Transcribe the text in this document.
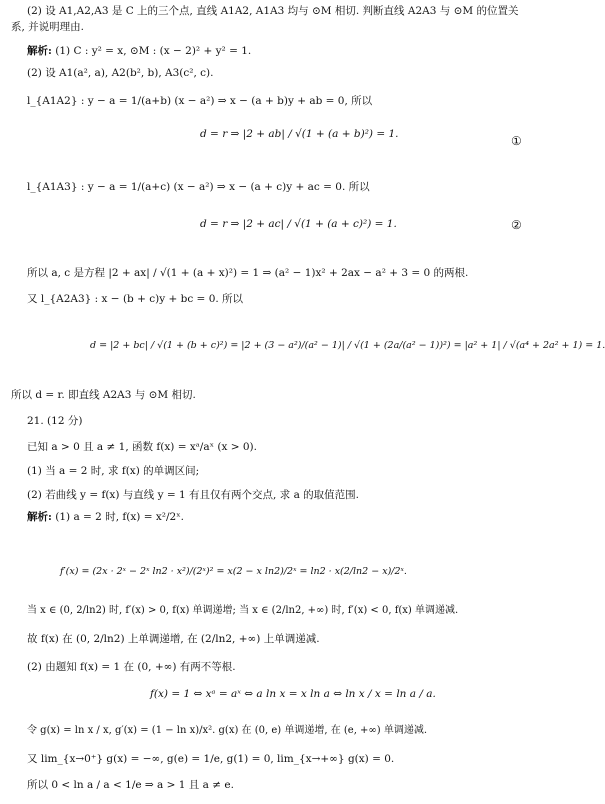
(2) 设 A1,A2,A3 是 C 上的三个点, 直线 A1A2, A1A3 均与 ⊙M 相切. 判断直线 A2A3 与 ⊙M 的位置关
系, 并说明理由.
解析: (1) C : y² = x, ⊙M : (x − 2)² + y² = 1.
(2) 设 A1(a², a), A2(b², b), A3(c², c).
l_{A1A2} : y − a = 1/(a+b) (x − a²) ⇒ x − (a + b)y + ab = 0, 所以
d = r ⇒ |2 + ab| / √(1 + (a + b)²) = 1.	①
l_{A1A3} : y − a = 1/(a+c) (x − a²) ⇒ x − (a + c)y + ac = 0. 所以
d = r ⇒ |2 + ac| / √(1 + (a + c)²) = 1.	②
所以 a, c 是方程 |2 + ax| / √(1 + (a + x)²) = 1 ⇒ (a² − 1)x² + 2ax − a² + 3 = 0 的两根.
又 l_{A2A3} : x − (b + c)y + bc = 0. 所以
d = |2 + bc| / √(1 + (b + c)²) = |2 + (3 − a²)/(a² − 1)| / √(1 + (2a/(a² − 1))²) = |a² + 1| / √(a⁴ + 2a² + 1) = 1.
所以 d = r. 即直线 A2A3 与 ⊙M 相切.
21. (12 分)
已知 a > 0 且 a ≠ 1, 函数 f(x) = xᵃ/aˣ (x > 0).
(1) 当 a = 2 时, 求 f(x) 的单调区间;
(2) 若曲线 y = f(x) 与直线 y = 1 有且仅有两个交点, 求 a 的取值范围.
解析: (1) a = 2 时, f(x) = x²/2ˣ.
f′(x) = (2x · 2ˣ − 2ˣ ln2 · x²)/(2ˣ)² = x(2 − x ln2)/2ˣ = ln2 · x(2/ln2 − x)/2ˣ.
当 x ∈ (0, 2/ln2) 时, f′(x) > 0, f(x) 单调递增; 当 x ∈ (2/ln2, +∞) 时, f′(x) < 0, f(x) 单调递减.
故 f(x) 在 (0, 2/ln2) 上单调递增, 在 (2/ln2, +∞) 上单调递减.
(2) 由题知 f(x) = 1 在 (0, +∞) 有两不等根.
f(x) = 1 ⇔ xᵃ = aˣ ⇔ a ln x = x ln a ⇔ ln x / x = ln a / a.
令 g(x) = ln x / x, g′(x) = (1 − ln x)/x². g(x) 在 (0, e) 单调递增, 在 (e, +∞) 单调递减.
又 lim_{x→0⁺} g(x) = −∞, g(e) = 1/e, g(1) = 0, lim_{x→+∞} g(x) = 0.
所以 0 < ln a / a < 1/e ⇒ a > 1 且 a ≠ e.
